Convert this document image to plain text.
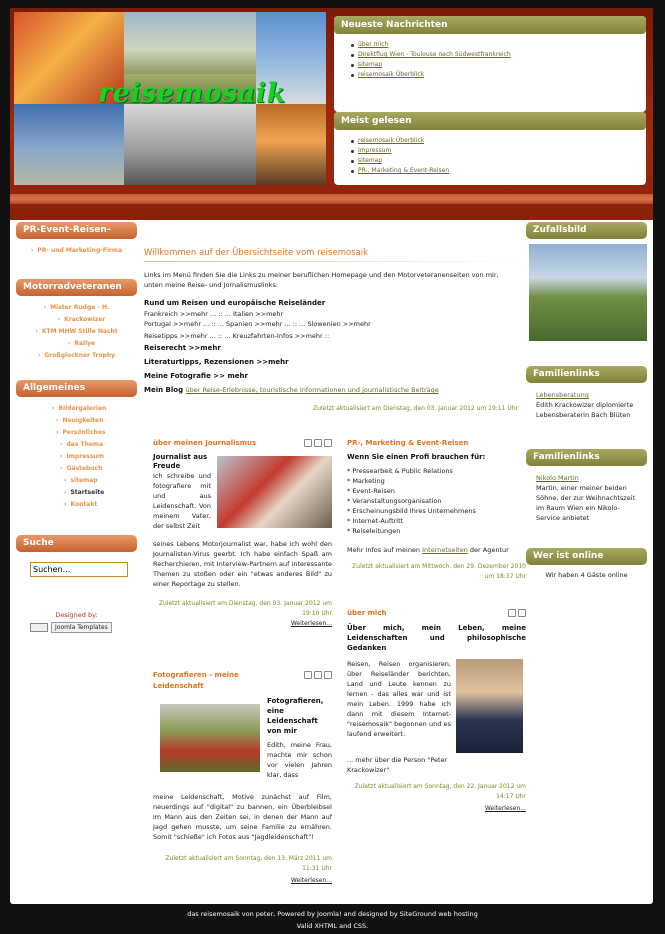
reisemosaik
Neueste Nachrichten
über mich
Direktflug Wien - Toulouse nach Südwestfrankreich
sitemap
reisemosaik Überblick
Meist gelesen
reisemosaik Überblick
Impressum
sitemap
PR-, Marketing & Event-Reisen
PR-Event-Reisen-
› PR- und Marketing-Firma
Motorradveteranen
› Mister Rudge - H.
› Krackowizer
› KTM MHW Stille Nacht
› Rallye
› Großglockner Trophy
Allgemeines
› Bildergalerien
› Neuigkeiten
› Persönliches
› das Thema
› Impressum
› Gästebuch
› sitemap
› Startseite
› Kontakt
Suche
Suchen...
Designed by:
Joomla Templates
Willkommen auf der Übersichtseite vom reisemosaik

Links im Menü finden Sie die Links zu meiner beruflichen Homepage und den Motorveteranenseiten von mir, unten meine Reise- und Jornalismuslinks:

Rund um Reisen und europäische Reiseländer

Frankreich >>mehr ... :: ... Italien >>mehr

Portugal >>mehr ... :: ... Spanien >>mehr ... :: ... Slowenien >>mehr

Reisetipps >>mehr ... :: ... Kreuzfahrten-Infos >>mehr ::

Reiserecht >>mehr
Literaturtipps, Rezensionen >>mehr
Meine Fotografie >> mehr
Mein Blog über Reise-Erlebnisse, touristische Informationen und journalistische Beiträge
Zuletzt aktualisiert am Dienstag, den 03. Januar 2012 um 19:11 Uhr
über meinen Journalismus
Journalist aus Freude

Ich schreibe und fotografiere mit und aus Leidenschaft. Von meinem Vater, der selbst Zeit

seines Lebens Motorjournalist war, habe ich wohl den Journalisten-Virus geerbt. Ich habe einfach Spaß am Recherchieren, mit Interview-Partnern auf interessante Themen zu stoßen oder ein "etwas anderes Bild" zu einer Reportage zu stellen.

Zuletzt aktualisiert am Dienstag, den 03. Januar 2012 um 19:10 Uhr
Weiterlesen...
PR-, Marketing & Event-Reisen
Wenn Sie einen Profi brauchen für:

* Pressearbeit & Public Relations

* Marketing

* Event-Reisen

* Veranstaltungsorganisation

* Erscheinungsbild Ihres Unternehmens

* Internet-Auftritt

* Reiseleitungen

Mehr Infos auf meinen Internetseiten der Agentur

Zuletzt aktualisiert am Mittwoch, den 29. Dezember 2010 um 18:37 Uhr
Fotografieren - meine Leidenschaft
Fotografieren, eine Leidenschaft von mir

Edith, meine Frau, machte mir schon vor vielen Jahren klar, dass

meine Leidenschaft, Motive zunächst auf Film, neuerdings auf "digital" zu bannen, ein Überbleibsel im Mann aus den Zeiten sei, in denen der Mann auf Jagd gehen musste, um seine Familie zu ernähren. Somit "schieße" ich Fotos aus "Jagdleidenschaft"!

Zuletzt aktualisiert am Sonntag, den 13. März 2011 um 11:31 Uhr
Weiterlesen...
über mich
Über mich, mein Leben, meine Leidenschaften und philosophische Gedanken

Reisen, Reisen organisieren, über Reiseländer berichten, Land und Leute kennen zu lernen - das alles war und ist mein Leben. 1999 habe ich dann mit diesem Internet-"reisemosaik" begonnen und es laufend erweitert.

... mehr über die Person "Peter Krackowizer"

Zuletzt aktualisiert am Sonntag, den 22. Januar 2012 um 14:17 Uhr
Weiterlesen...
Zufallsbild
Familienlinks

Lebensberatung

Edith Krackowizer diplomierte Lebensberaterin Bach Blüten

Familienlinks

Nikolo Martin

Martin, einer meiner beiden Söhne, der zur Weihnachtszeit im Raum Wien ein Nikolo-Service anbietet

Wer ist online

Wir haben 4 Gäste online

das reisemosaik von peter, Powered by Joomla! and designed by SiteGround web hosting
Valid XHTML and CSS.
